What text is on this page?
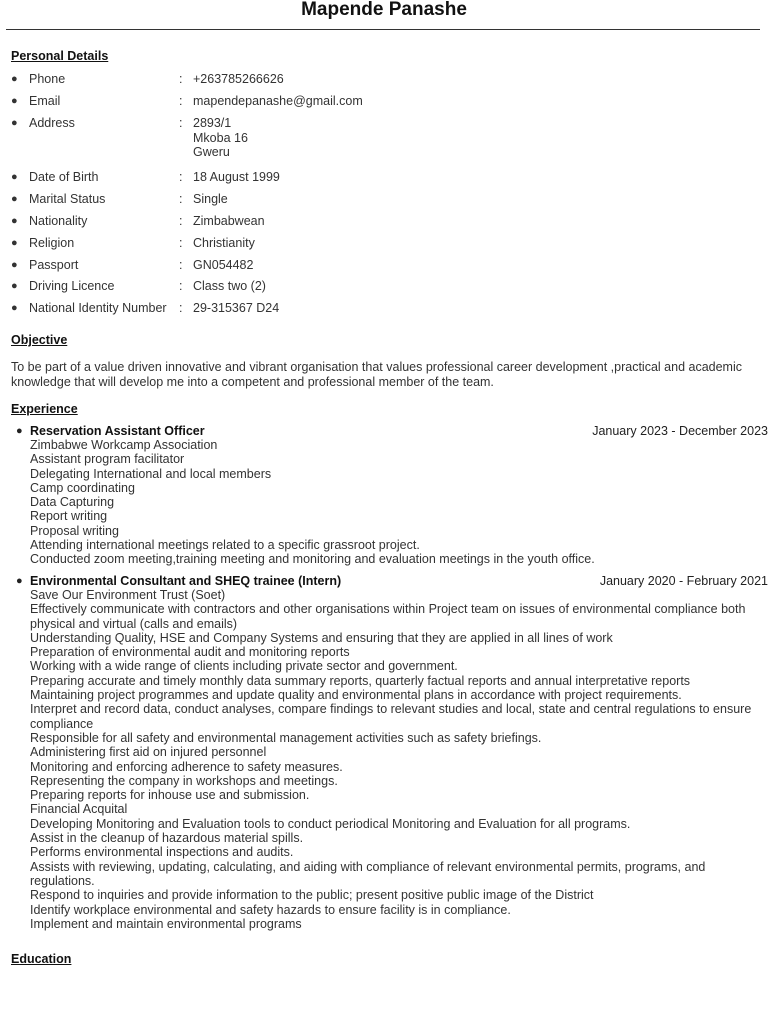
Mapende Panashe
Personal Details
● Phone	: +263785266626
● Email	: mapendepanashe@gmail.com
● Address	: 2893/1
Mkoba 16
Gweru
● Date of Birth	: 18 August 1999
● Marital Status	: Single
● Nationality	: Zimbabwean
● Religion	: Christianity
● Passport	: GN054482
● Driving Licence	: Class two (2)
● National Identity Number : 29-315367 D24
Objective
To be part of a value driven innovative and vibrant organisation that values professional career development ,practical and academic knowledge that will develop me into a competent and professional member of the team.
Experience
● Reservation Assistant Officer	January 2023 - December 2023
Zimbabwe Workcamp Association
Assistant program facilitator
Delegating International and local members
Camp coordinating
Data Capturing
Report writing
Proposal writing
Attending international meetings related to a specific grassroot project.
Conducted zoom meeting,training meeting and monitoring and evaluation meetings in the youth office.
● Environmental Consultant and SHEQ trainee (Intern)	January 2020 - February 2021
Save Our Environment Trust (Soet)
Effectively communicate with contractors and other organisations within Project team on issues of environmental compliance both physical and virtual (calls and emails)
Understanding Quality, HSE and Company Systems and ensuring that they are applied in all lines of work
Preparation of environmental audit and monitoring reports
Working with a wide range of clients including private sector and government.
Preparing accurate and timely monthly data summary reports, quarterly factual reports and annual interpretative reports
Maintaining project programmes and update quality and environmental plans in accordance with project requirements.
Interpret and record data, conduct analyses, compare findings to relevant studies and local, state and central regulations to ensure compliance
Responsible for all safety and environmental management activities such as safety briefings.
Administering first aid on injured personnel
Monitoring and enforcing adherence to safety measures.
Representing the company in workshops and meetings.
Preparing reports for inhouse use and submission.
Financial Acquital
Developing Monitoring and Evaluation tools to conduct periodical Monitoring and Evaluation for all programs.
Assist in the cleanup of hazardous material spills.
Performs environmental inspections and audits.
Assists with reviewing, updating, calculating, and aiding with compliance of relevant environmental permits, programs, and regulations.
Respond to inquiries and provide information to the public; present positive public image of the District
Identify workplace environmental and safety hazards to ensure facility is in compliance.
Implement and maintain environmental programs
Education
